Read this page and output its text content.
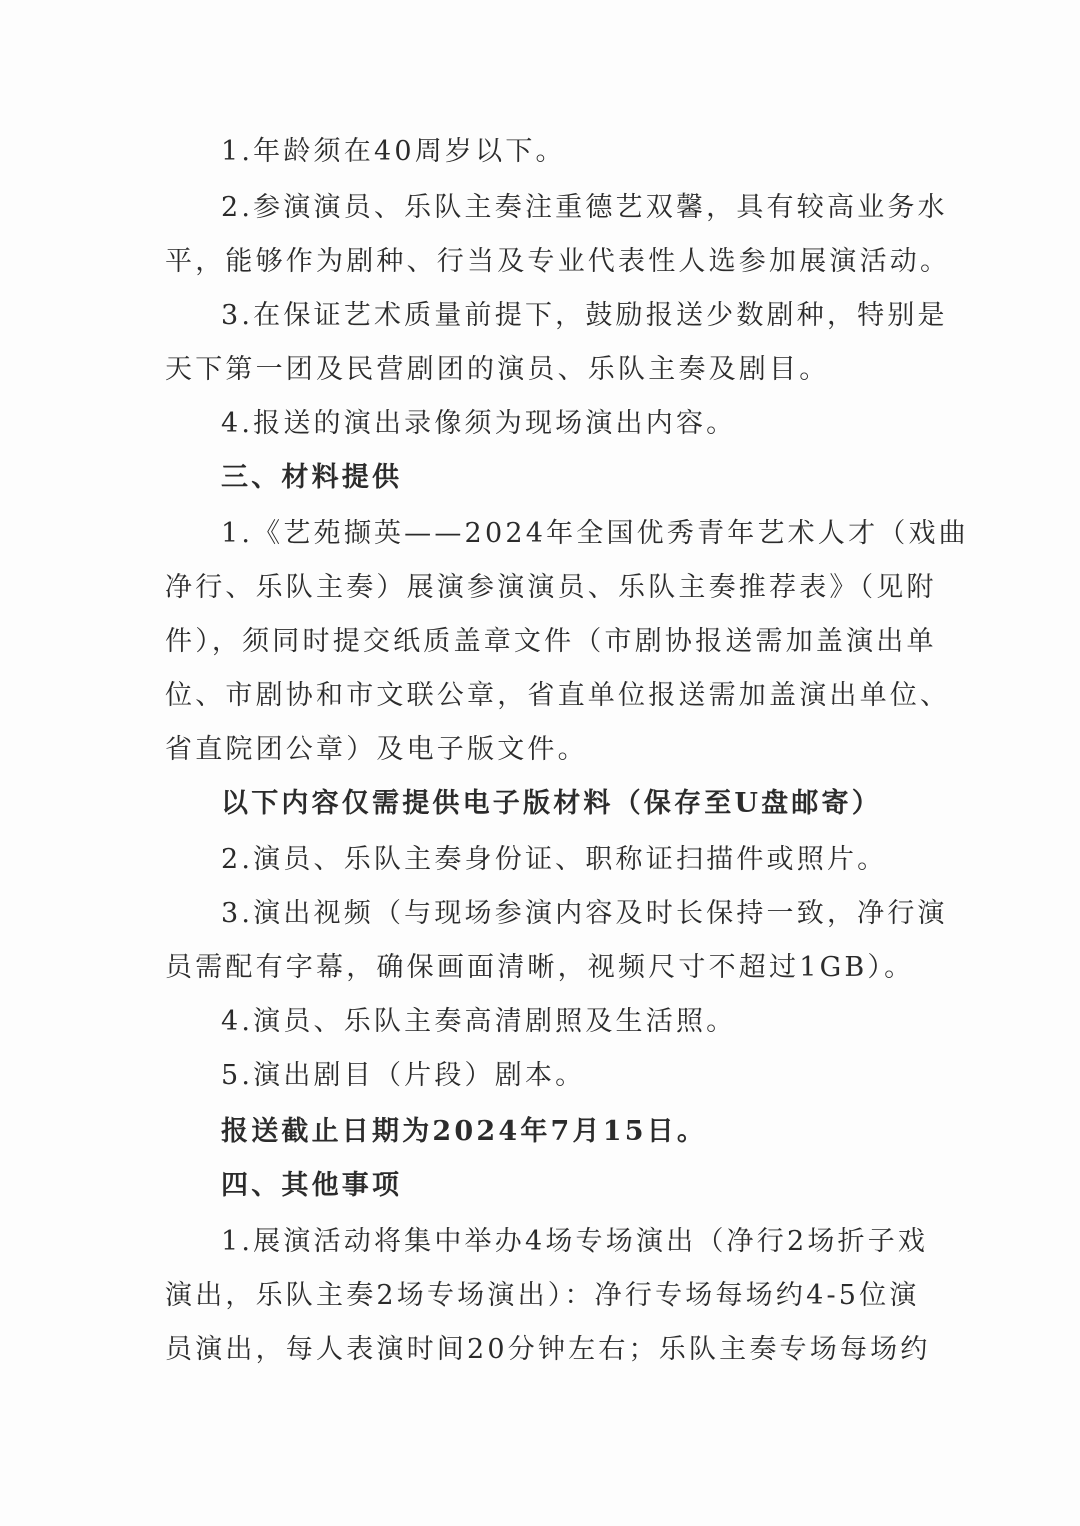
1.年龄须在40周岁以下。
2.参演演员、乐队主奏注重德艺双馨，具有较高业务水
平，能够作为剧种、行当及专业代表性人选参加展演活动。
3.在保证艺术质量前提下，鼓励报送少数剧种，特别是
天下第一团及民营剧团的演员、乐队主奏及剧目。
4.报送的演出录像须为现场演出内容。
三、材料提供
1.《艺苑撷英——2024年全国优秀青年艺术人才（戏曲
净行、乐队主奏）展演参演演员、乐队主奏推荐表》（见附
件），须同时提交纸质盖章文件（市剧协报送需加盖演出单
位、市剧协和市文联公章，省直单位报送需加盖演出单位、
省直院团公章）及电子版文件。
以下内容仅需提供电子版材料（保存至U盘邮寄）
2.演员、乐队主奏身份证、职称证扫描件或照片。
3.演出视频（与现场参演内容及时长保持一致，净行演
员需配有字幕，确保画面清晰，视频尺寸不超过1GB）。
4.演员、乐队主奏高清剧照及生活照。
5.演出剧目（片段）剧本。
报送截止日期为2024年7月15日。
四、其他事项
1.展演活动将集中举办4场专场演出（净行2场折子戏
演出，乐队主奏2场专场演出）：净行专场每场约4-5位演
员演出，每人表演时间20分钟左右；乐队主奏专场每场约
